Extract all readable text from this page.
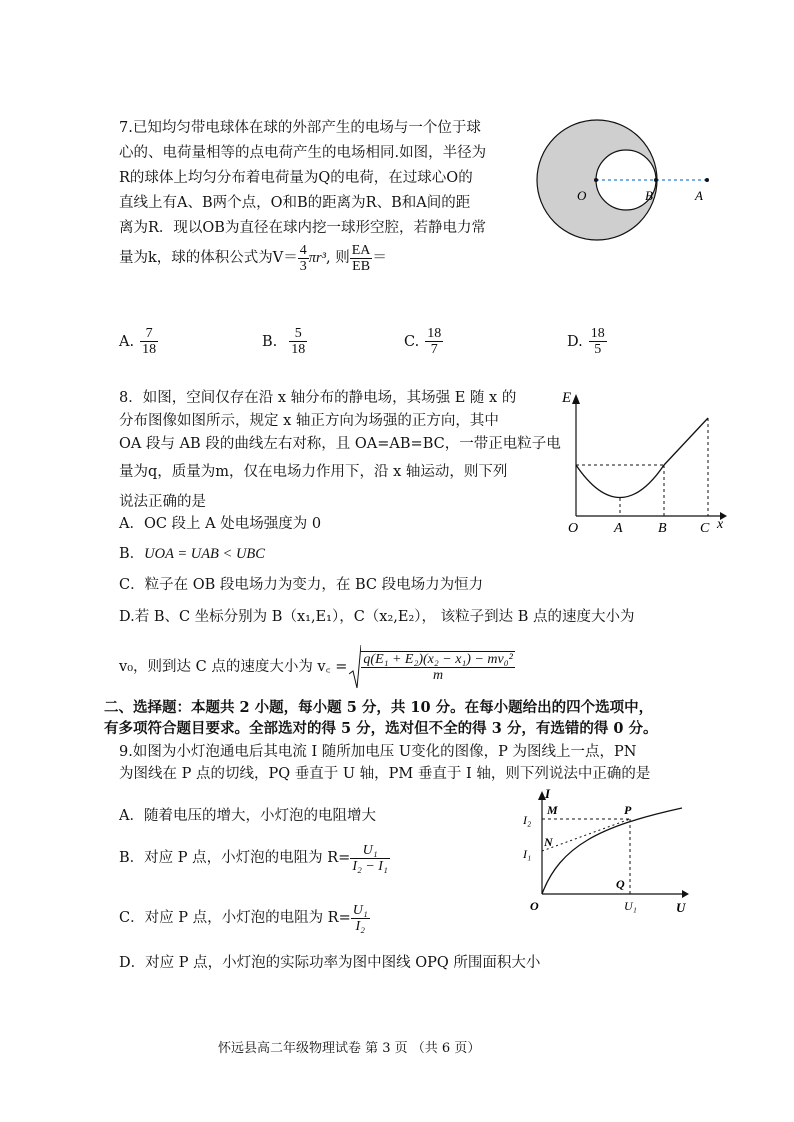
7.已知均匀带电球体在球的外部产生的电场与一个位于球
心的、电荷量相等的点电荷产生的电场相同.如图，半径为
R的球体上均匀分布着电荷量为Q的电荷，在过球心O的
直线上有A、B两个点，O和B的距离为R、B和A间的距
离为R．现以OB为直径在球内挖一球形空腔，若静电力常
量为k，球的体积公式为$V= \frac{4}{3} \pi r^3$ , 则 $\frac{EA}{EB}$ ＝
O	B	A
A. $\frac{7}{18}$	B. $\frac{5}{18}$	C. $\frac{18}{7}$	D. $\frac{18}{5}$
8．如图，空间仅存在沿 x 轴分布的静电场，其场强 E 随 x 的
分布图像如图所示，规定 x 轴正方向为场强的正方向，其中
OA 段与 AB 段的曲线左右对称，且 OA=AB=BC，一带正电粒子电
量为q，质量为m，仅在电场力作用下，沿 x 轴运动，则下列
说法正确的是
A．OC 段上 A 处电场强度为 0
B．UOA = UAB < UBC
C．粒子在 OB 段电场力为变力，在 BC 段电场力为恒力
D.若 B、C 坐标分别为 B（x₁,E₁），C（x₂,E₂）， 该粒子到达 B 点的速度大小为
v₀，则到达 C 点的速度大小为 v꜀ = $\frac{\text{q(E₁ + E₂)(x₂ − x₁) − mv₀²}}{m}$
E
O	A	B C x
二、选择题：本题共 2 小题，每小题 5 分，共 10 分。在每小题给出的四个选项中，
有多项符合题目要求。全部选对的得 5 分，选对但不全的得 3 分，有选错的得 0 分。
9.如图为小灯泡通电后其电流 I 随所加电压 U变化的图像，P 为图线上一点，PN
为图线在 P 点的切线，PQ 垂直于 U 轴，PM 垂直于 I 轴，则下列说法中正确的是
A．随着电压的增大，小灯泡的电阻增大
B．对应 P 点，小灯泡的电阻为 $R= \frac{\text{U₁}}{\text{I₂ − I₁}}$
C．对应 P 点，小灯泡的电阻为 $R= \frac{\text{U₁}}{\text{I₂}}$
D．对应 P 点，小灯泡的实际功率为图中图线 OPQ 所围面积大小
I
M	P
I₂
N
I₁
Q
O	U₁	U
怀远县高二年级物理试卷 第 3 页 （共 6 页）
